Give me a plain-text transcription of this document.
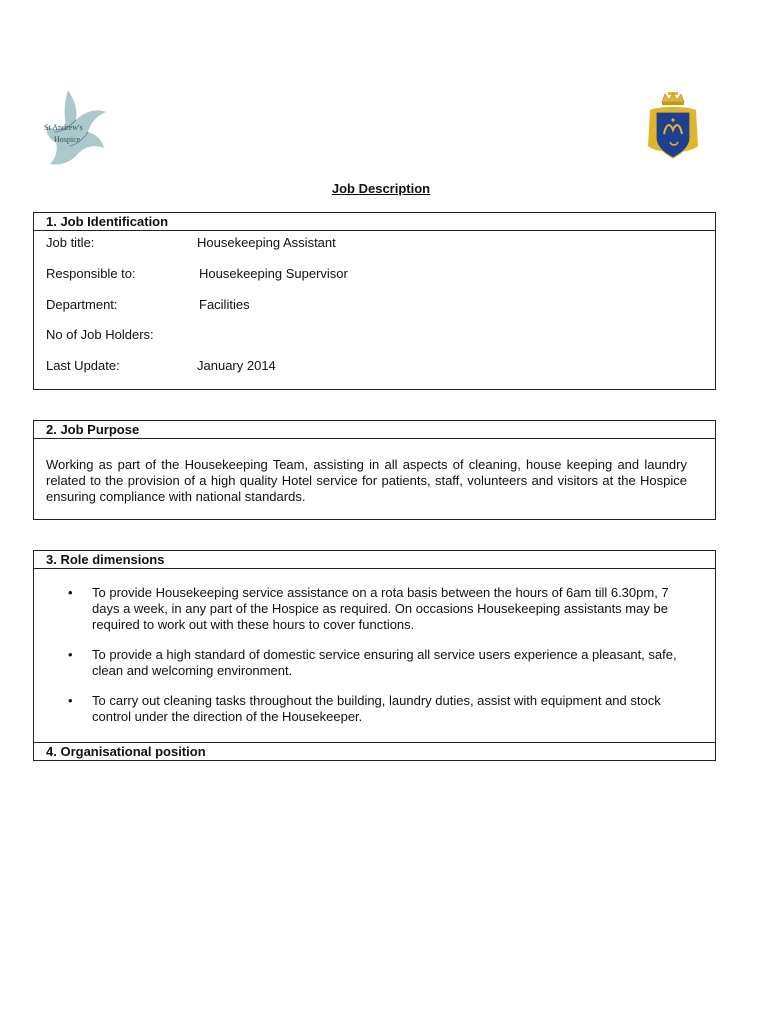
St Andrew's
Hospice
Job Description
1. Job Identification
Job title:	Housekeeping Assistant
Responsible to:	Housekeeping Supervisor
Department:	Facilities
No of Job Holders:
Last Update:	January 2014
2. Job Purpose
Working as part of the Housekeeping Team, assisting in all aspects of cleaning, house keeping and laundry related to the provision of a high quality Hotel service for patients, staff, volunteers and visitors at the Hospice ensuring compliance with national standards.
3. Role dimensions
• To provide Housekeeping service assistance on a rota basis between the hours of 6am till 6.30pm, 7 days a week, in any part of the Hospice as required. On occasions Housekeeping assistants may be required to work out with these hours to cover functions.
• To provide a high standard of domestic service ensuring all service users experience a pleasant, safe, clean and welcoming environment.
• To carry out cleaning tasks throughout the building, laundry duties, assist with equipment and stock control under the direction of the Housekeeper.
4. Organisational position
